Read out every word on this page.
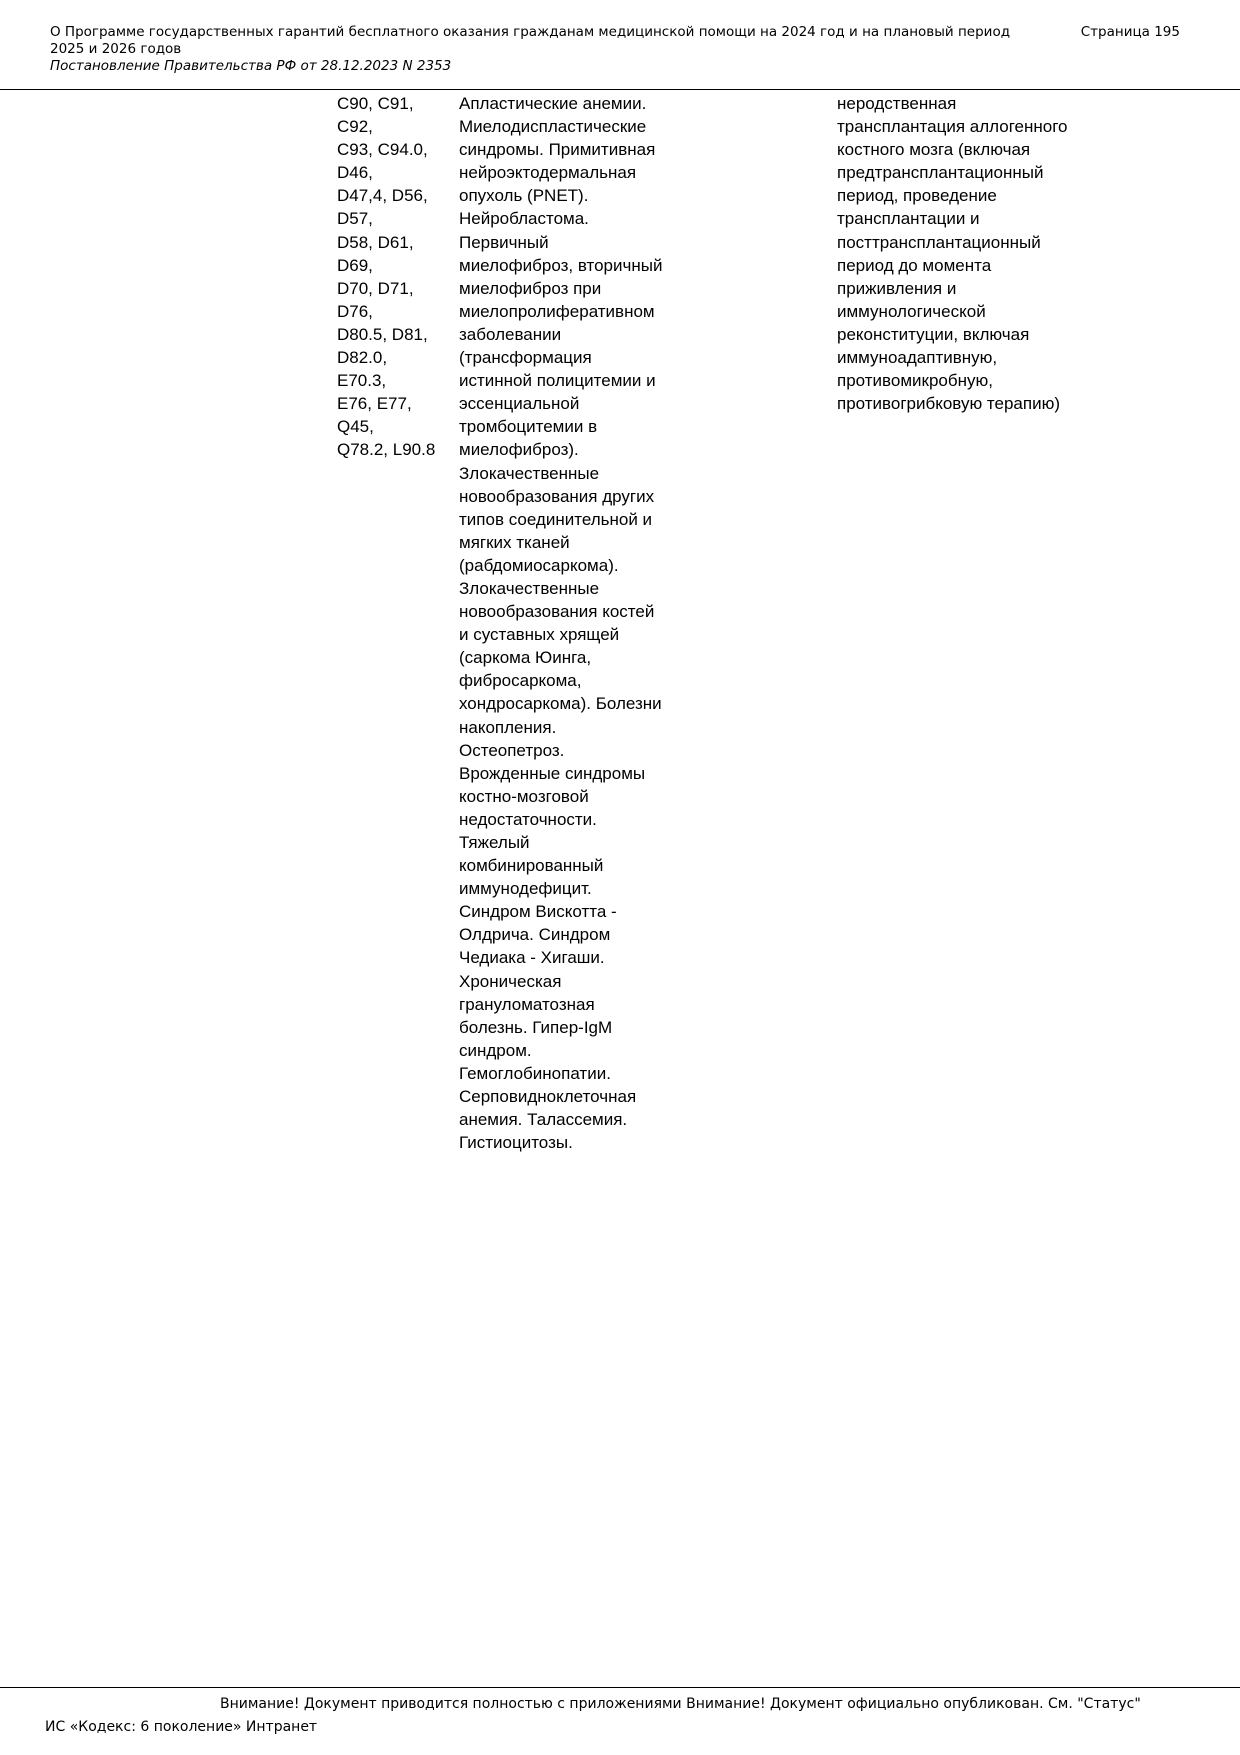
О Программе государственных гарантий бесплатного оказания гражданам медицинской помощи на 2024 год и на плановый период 2025 и 2026 годов
Страница 195
Постановление Правительства РФ от 28.12.2023 N 2353
С90, С91,
С92,
С93, С94.0,
D46,
D47,4, D56,
D57,
D58, D61,
D69,
D70, D71,
D76,
D80.5, D81,
D82.0,
E70.3,
E76, E77,
Q45,
Q78.2, L90.8
Апластические анемии.
Миелодиспластические
синдромы. Примитивная
нейроэктодермальная
опухоль (PNET).
Нейробластома.
Первичный
миелофиброз, вторичный
миелофиброз при
миелопролиферативном
заболевании
(трансформация
истинной полицитемии и
эссенциальной
тромбоцитемии в
миелофиброз).
Злокачественные
новообразования других
типов соединительной и
мягких тканей
(рабдомиосаркома).
Злокачественные
новообразования костей
и суставных хрящей
(саркома Юинга,
фибросаркома,
хондросаркома). Болезни
накопления.
Остеопетроз.
Врожденные синдромы
костно-мозговой
недостаточности.
Тяжелый
комбинированный
иммунодефицит.
Синдром Вискотта -
Олдрича. Синдром
Чедиака - Хигаши.
Хроническая
грануломатозная
болезнь. Гипер-IgM
синдром.
Гемоглобинопатии.
Серповидноклеточная
анемия. Талассемия.
Гистиоцитозы.
неродственная
трансплантация аллогенного
костного мозга (включая
предтрансплантационный
период, проведение
трансплантации и
посттрансплантационный
период до момента
приживления и
иммунологической
реконституции, включая
иммуноадаптивную,
противомикробную,
противогрибковую терапию)
Внимание! Документ приводится полностью с приложениями Внимание! Документ официально опубликован. См. "Статус"
ИС «Кодекс: 6 поколение» Интранет
